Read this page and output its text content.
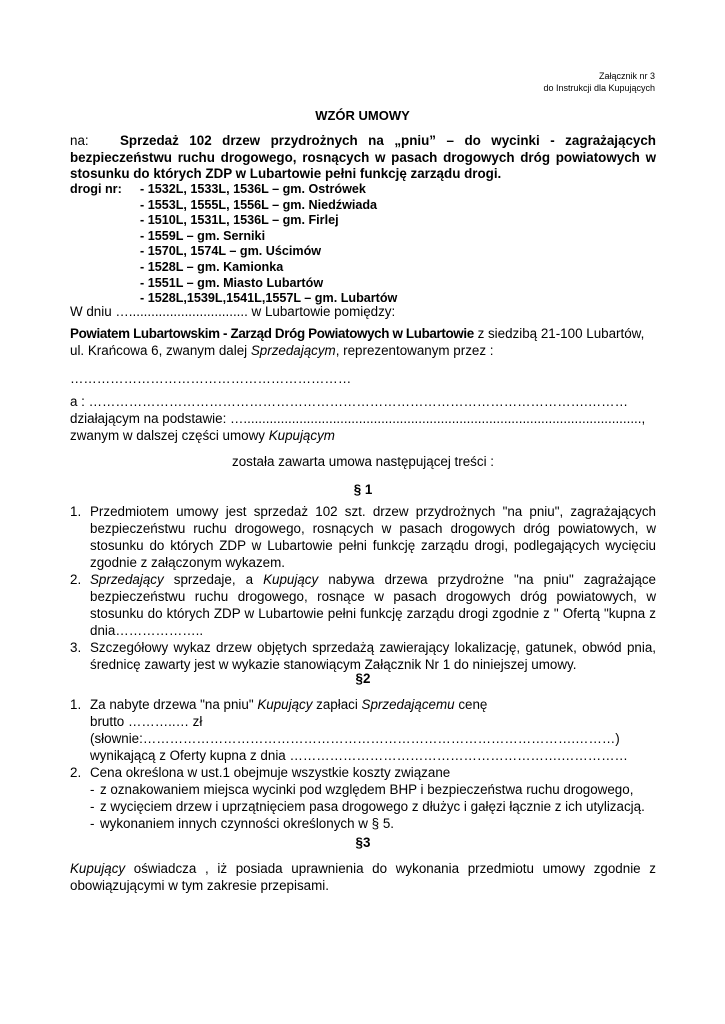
Załącznik nr 3
do Instrukcji dla Kupujących
WZÓR UMOWY
na: Sprzedaż 102 drzew przydrożnych na „pniu” – do wycinki - zagrażających bezpieczeństwu ruchu drogowego, rosnących w pasach drogowych dróg powiatowych w stosunku do których ZDP w Lubartowie pełni funkcję zarządu drogi.
drogi nr: - 1532L, 1533L, 1536L – gm. Ostrówek
- 1553L, 1555L, 1556L – gm. Niedźwiada
- 1510L, 1531L, 1536L – gm. Firlej
- 1559L – gm. Serniki
- 1570L, 1574L – gm. Uścimów
- 1528L – gm. Kamionka
- 1551L – gm. Miasto Lubartów
- 1528L,1539L,1541L,1557L – gm. Lubartów
W dniu …................................ w Lubartowie pomiędzy:
Powiatem Lubartowskim - Zarząd Dróg Powiatowych w Lubartowie z siedzibą 21-100 Lubartów,
ul. Krańcowa 6, zwanym dalej Sprzedającym, reprezentowanym przez :
………………………………………………………
a : ………………………………………………………………………………………………….………
działającym na podstawie: …...........................................................................................................,
zwanym w dalszej części umowy Kupującym
została zawarta umowa następującej treści :
§ 1
1. Przedmiotem umowy jest sprzedaż 102 szt. drzew przydrożnych "na pniu", zagrażających bezpieczeństwu ruchu drogowego, rosnących w pasach drogowych dróg powiatowych, w stosunku do których ZDP w Lubartowie pełni funkcję zarządu drogi, podlegających wycięciu zgodnie z załączonym wykazem.
2. Sprzedający sprzedaje, a Kupujący nabywa drzewa przydrożne "na pniu" zagrażające bezpieczeństwu ruchu drogowego, rosnące w pasach drogowych dróg powiatowych, w stosunku do których ZDP w Lubartowie pełni funkcję zarządu drogi zgodnie z " Ofertą "kupna z dnia………………..
3. Szczegółowy wykaz drzew objętych sprzedażą zawierający lokalizację, gatunek, obwód pnia, średnicę zawarty jest w wykazie stanowiącym Załącznik Nr 1 do niniejszej umowy.
§2
1. Za nabyte drzewa "na pniu" Kupujący zapłaci Sprzedającemu cenę
brutto ………..… zł
(słownie:…………………………………………………………………………………….………)
wynikającą z Oferty kupna z dnia …………………………………………………….……………
2. Cena określona w ust.1 obejmuje wszystkie koszty związane
- z oznakowaniem miejsca wycinki pod względem BHP i bezpieczeństwa ruchu drogowego,
- z wycięciem drzew i uprzątnięciem pasa drogowego z dłużyc i gałęzi łącznie z ich utylizacją.
- wykonaniem innych czynności określonych w § 5.
§3
Kupujący oświadcza , iż posiada uprawnienia do wykonania przedmiotu umowy zgodnie z obowiązującymi w tym zakresie przepisami.
